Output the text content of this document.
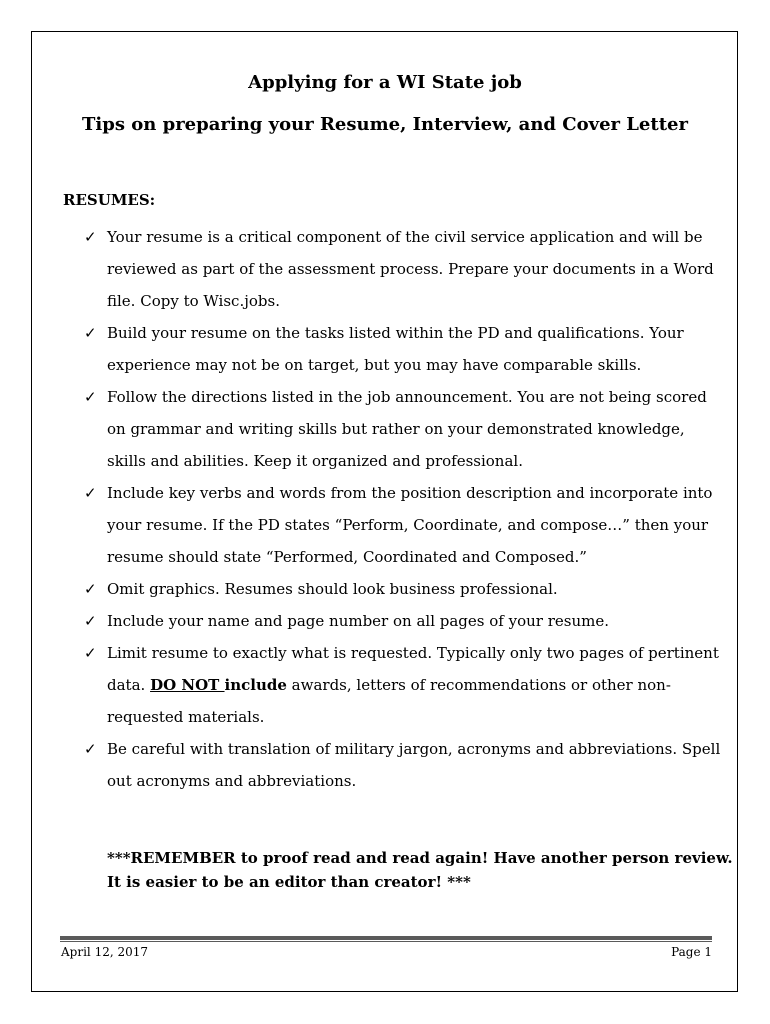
Applying for a WI State job
Tips on preparing your Resume, Interview, and Cover Letter
RESUMES:
✓ Your resume is a critical component of the civil service application and will be
reviewed as part of the assessment process. Prepare your documents in a Word
file. Copy to Wisc.jobs.
✓ Build your resume on the tasks listed within the PD and qualifications. Your
experience may not be on target, but you may have comparable skills.
✓ Follow the directions listed in the job announcement. You are not being scored
on grammar and writing skills but rather on your demonstrated knowledge,
skills and abilities. Keep it organized and professional.
✓ Include key verbs and words from the position description and incorporate into
your resume. If the PD states “Perform, Coordinate, and compose…” then your
resume should state “Performed, Coordinated and Composed.”
✓ Omit graphics. Resumes should look business professional.
✓ Include your name and page number on all pages of your resume.
✓ Limit resume to exactly what is requested. Typically only two pages of pertinent
data. DO NOT include awards, letters of recommendations or other non-
requested materials.
✓ Be careful with translation of military jargon, acronyms and abbreviations. Spell
out acronyms and abbreviations.
***REMEMBER to proof read and read again! Have another person review.
It is easier to be an editor than creator! ***
April 12, 2017	Page 1
